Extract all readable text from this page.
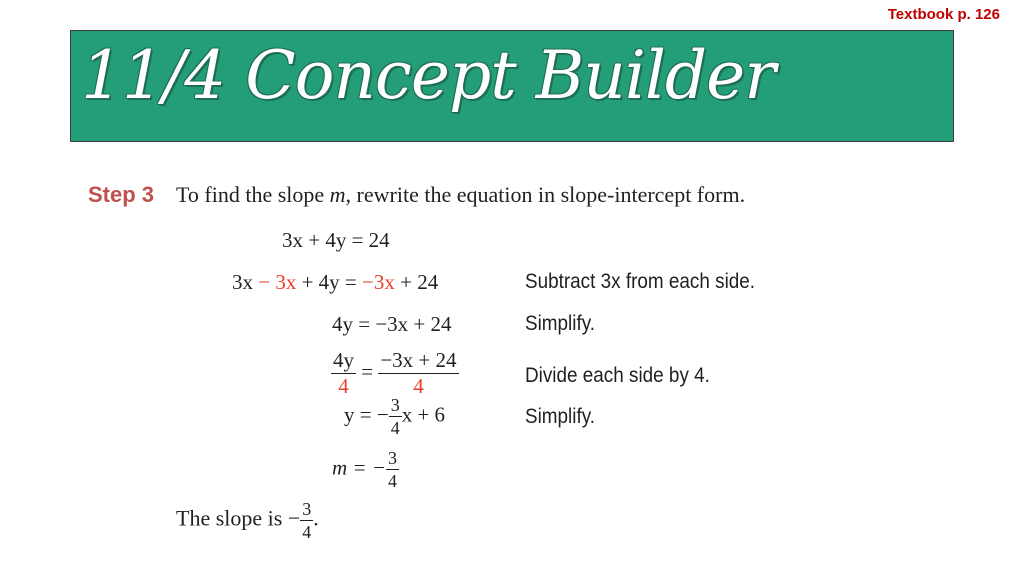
Textbook p. 126
11/4 Concept Builder
Step 3 To find the slope m, rewrite the equation in slope-intercept form.
3x + 4y = 24
3x − 3x + 4y = −3x + 24	Subtract 3x from each side.
4y = −3x + 24	Simplify.
$\frac{4y}{4} = \frac{-3x + 24}{4}$	Divide each side by 4.
y = − $\frac{3}{4}$ x + 6	Simplify.
m = − $\frac{3}{4}$
The slope is − $\frac{3}{4}$ .
